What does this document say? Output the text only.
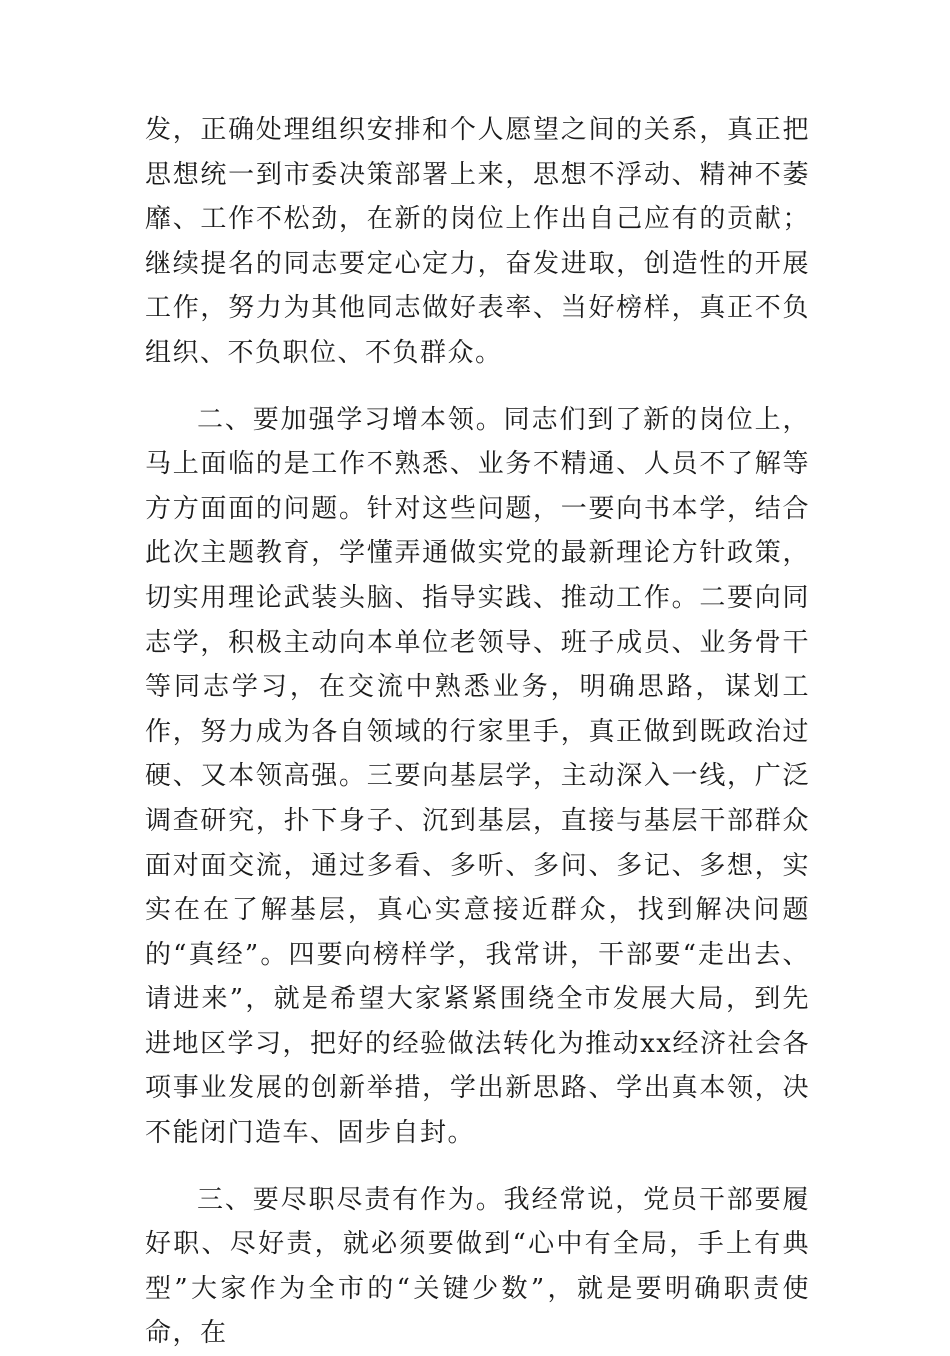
发，正确处理组织安排和个人愿望之间的关系，真正把思想统一到市委决策部署上来，思想不浮动、精神不萎靡、工作不松劲，在新的岗位上作出自己应有的贡献；继续提名的同志要定心定力，奋发进取，创造性的开展工作，努力为其他同志做好表率、当好榜样，真正不负组织、不负职位、不负群众。

二、要加强学习增本领。同志们到了新的岗位上，马上面临的是工作不熟悉、业务不精通、人员不了解等方方面面的问题。针对这些问题，一要向书本学，结合此次主题教育，学懂弄通做实党的最新理论方针政策，切实用理论武装头脑、指导实践、推动工作。二要向同志学，积极主动向本单位老领导、班子成员、业务骨干等同志学习，在交流中熟悉业务，明确思路，谋划工作，努力成为各自领域的行家里手，真正做到既政治过硬、又本领高强。三要向基层学，主动深入一线，广泛调查研究，扑下身子、沉到基层，直接与基层干部群众面对面交流，通过多看、多听、多问、多记、多想，实实在在了解基层，真心实意接近群众，找到解决问题的“真经”。四要向榜样学，我常讲，干部要“走出去、请进来”，就是希望大家紧紧围绕全市发展大局，到先进地区学习，把好的经验做法转化为推动xx经济社会各项事业发展的创新举措，学出新思路、学出真本领，决不能闭门造车、固步自封。

三、要尽职尽责有作为。我经常说，党员干部要履好职、尽好责，就必须要做到“心中有全局，手上有典型”大家作为全市的“关键少数”，就是要明确职责使命，在
